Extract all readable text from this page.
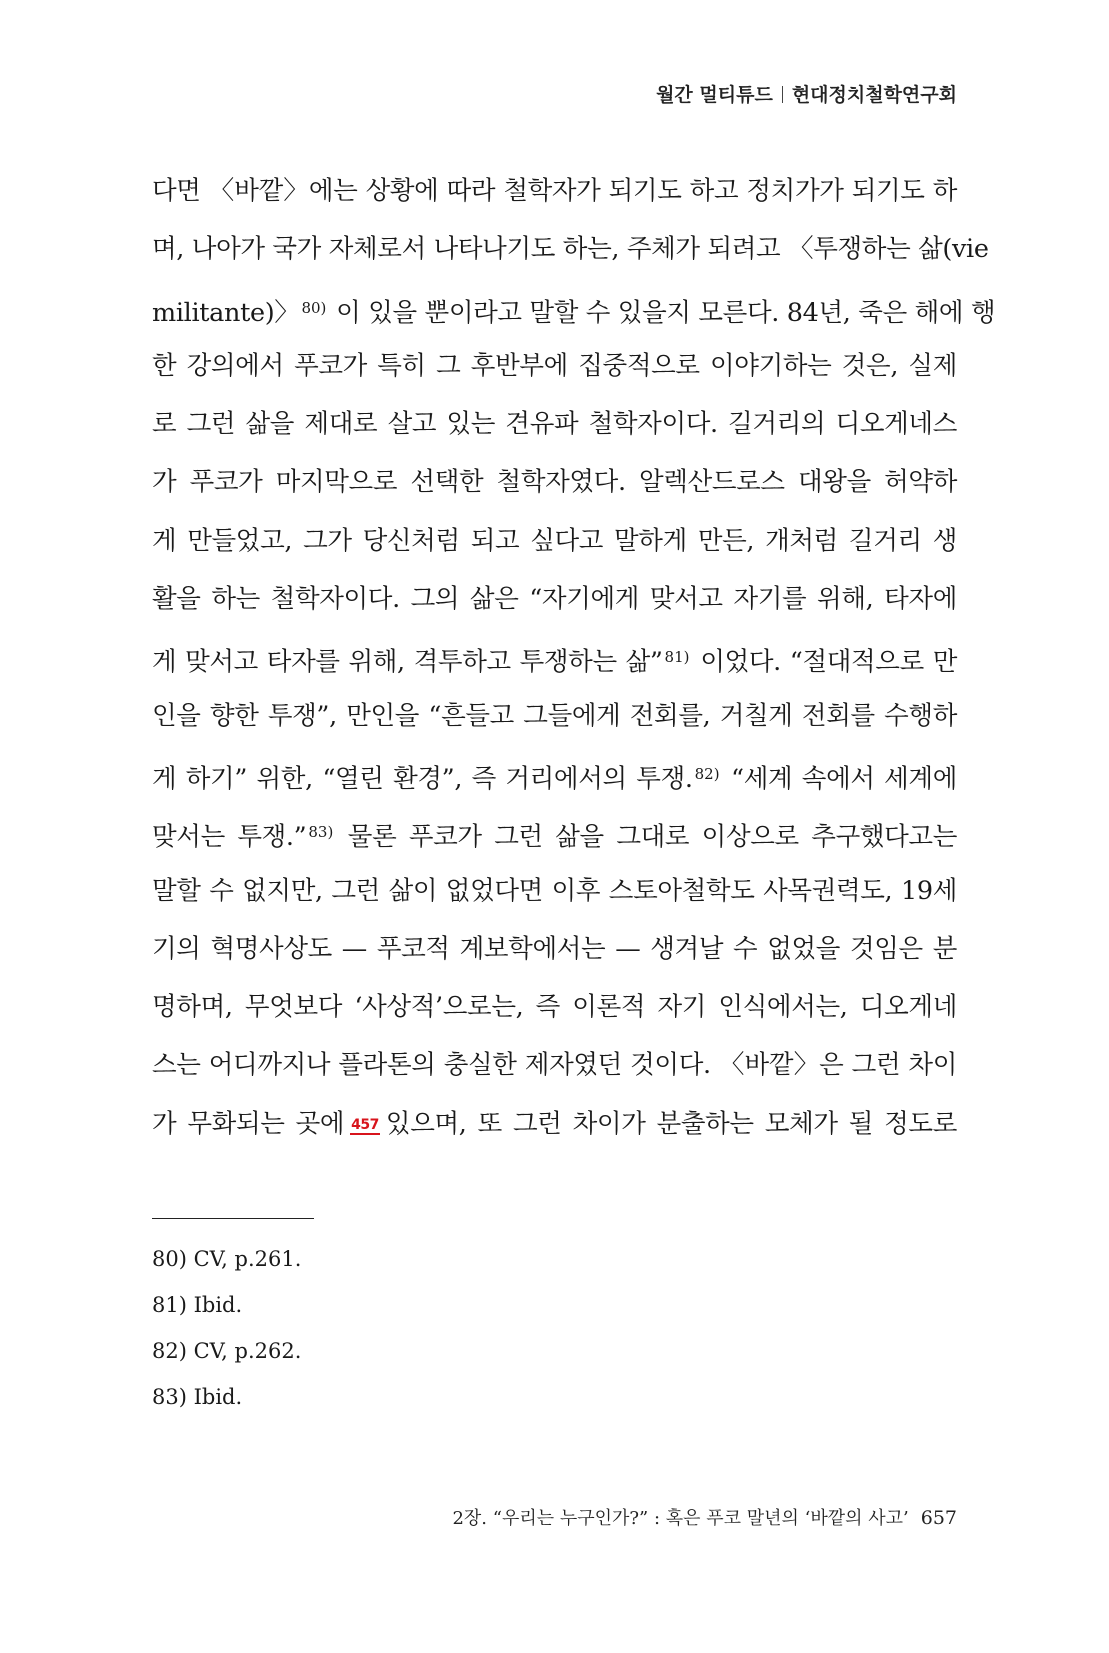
월간 멀티튜드 현대정치철학연구회
다면 〈바깥〉에는 상황에 따라 철학자가 되기도 하고 정치가가 되기도 하
며, 나아가 국가 자체로서 나타나기도 하는, 주체가 되려고 〈투쟁하는 삶(vie
militante)〉 $^{80)}$ 이 있을 뿐이라고 말할 수 있을지 모른다. 84년, 죽은 해에 행
한 강의에서 푸코가 특히 그 후반부에 집중적으로 이야기하는 것은, 실제
로 그런 삶을 제대로 살고 있는 견유파 철학자이다. 길거리의 디오게네스
가 푸코가 마지막으로 선택한 철학자였다. 알렉산드로스 대왕을 허약하
게 만들었고, 그가 당신처럼 되고 싶다고 말하게 만든, 개처럼 길거리 생
활을 하는 철학자이다. 그의 삶은 “자기에게 맞서고 자기를 위해, 타자에
게 맞서고 타자를 위해, 격투하고 투쟁하는 삶” $^{81)}$ 이었다. “절대적으로 만
인을 향한 투쟁”, 만인을 “흔들고 그들에게 전회를, 거칠게 전회를 수행하
게 하기” 위한, “열린 환경”, 즉 거리에서의 투쟁. $^{82)}$ “세계 속에서 세계에
맞서는 투쟁.” $^{83)}$ 물론 푸코가 그런 삶을 그대로 이상으로 추구했다고는
말할 수 없지만, 그런 삶이 없었다면 이후 스토아철학도 사목권력도, 19세
기의 혁명사상도 — 푸코적 계보학에서는 — 생겨날 수 없었을 것임은 분
명하며, 무엇보다 ‘사상적’으로는, 즉 이론적 자기 인식에서는, 디오게네
스는 어디까지나 플라톤의 충실한 제자였던 것이다. 〈바깥〉은 그런 차이
가 무화되는 곳에 457 있으며, 또 그런 차이가 분출하는 모체가 될 정도로
80) CV, p.261.
81) Ibid.
82) CV, p.262.
83) Ibid.
2장. “우리는 누구인가?” : 혹은 푸코 말년의 ‘바깥의 사고’ 657
